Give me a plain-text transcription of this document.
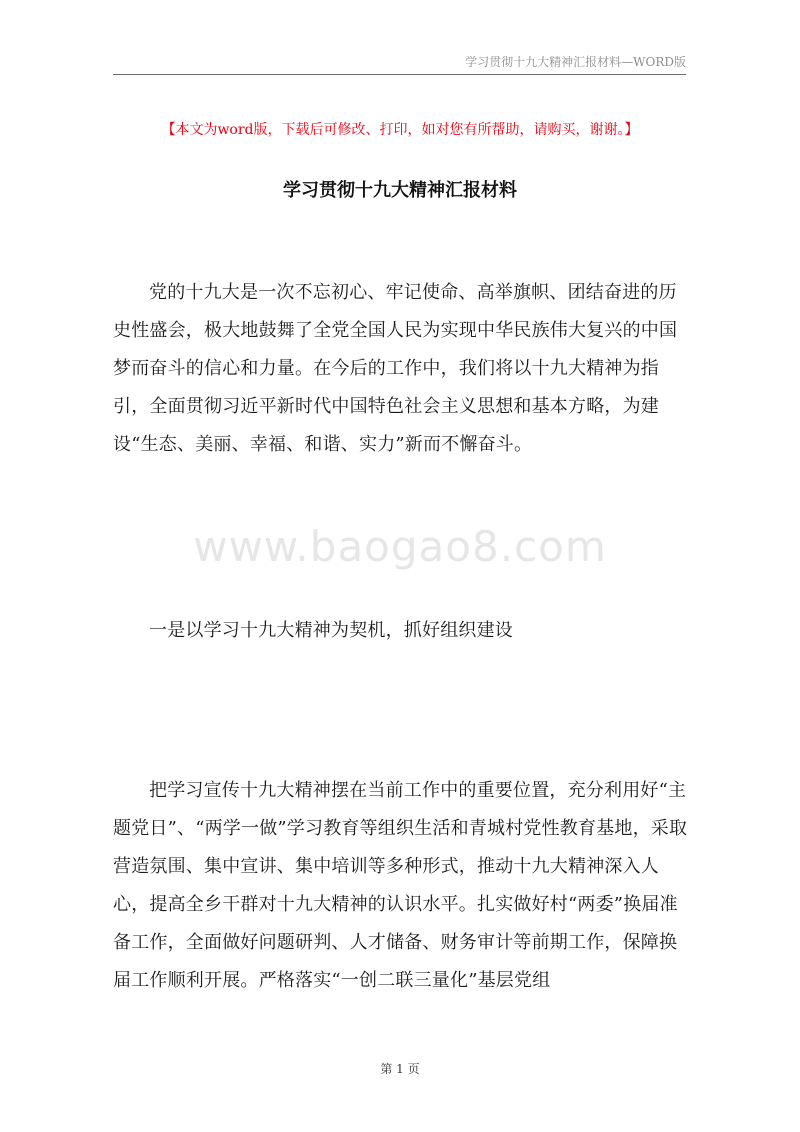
学习贯彻十九大精神汇报材料—WORD版
【本文为word版，下载后可修改、打印，如对您有所帮助，请购买，谢谢。】
学习贯彻十九大精神汇报材料

党的十九大是一次不忘初心、牢记使命、高举旗帜、团结奋进的历史性盛会，极大地鼓舞了全党全国人民为实现中华民族伟大复兴的中国梦而奋斗的信心和力量。在今后的工作中，我们将以十九大精神为指引，全面贯彻习近平新时代中国特色社会主义思想和基本方略，为建设“生态、美丽、幸福、和谐、实力”新而不懈奋斗。

www.baogao8.com

一是以学习十九大精神为契机，抓好组织建设

把学习宣传十九大精神摆在当前工作中的重要位置，充分利用好“主题党日”、“两学一做”学习教育等组织生活和青城村党性教育基地，采取营造氛围、集中宣讲、集中培训等多种形式，推动十九大精神深入人心，提高全乡干群对十九大精神的认识水平。扎实做好村“两委”换届准备工作，全面做好问题研判、人才储备、财务审计等前期工作，保障换届工作顺利开展。严格落实“一创二联三量化”基层党组

第 1 页
